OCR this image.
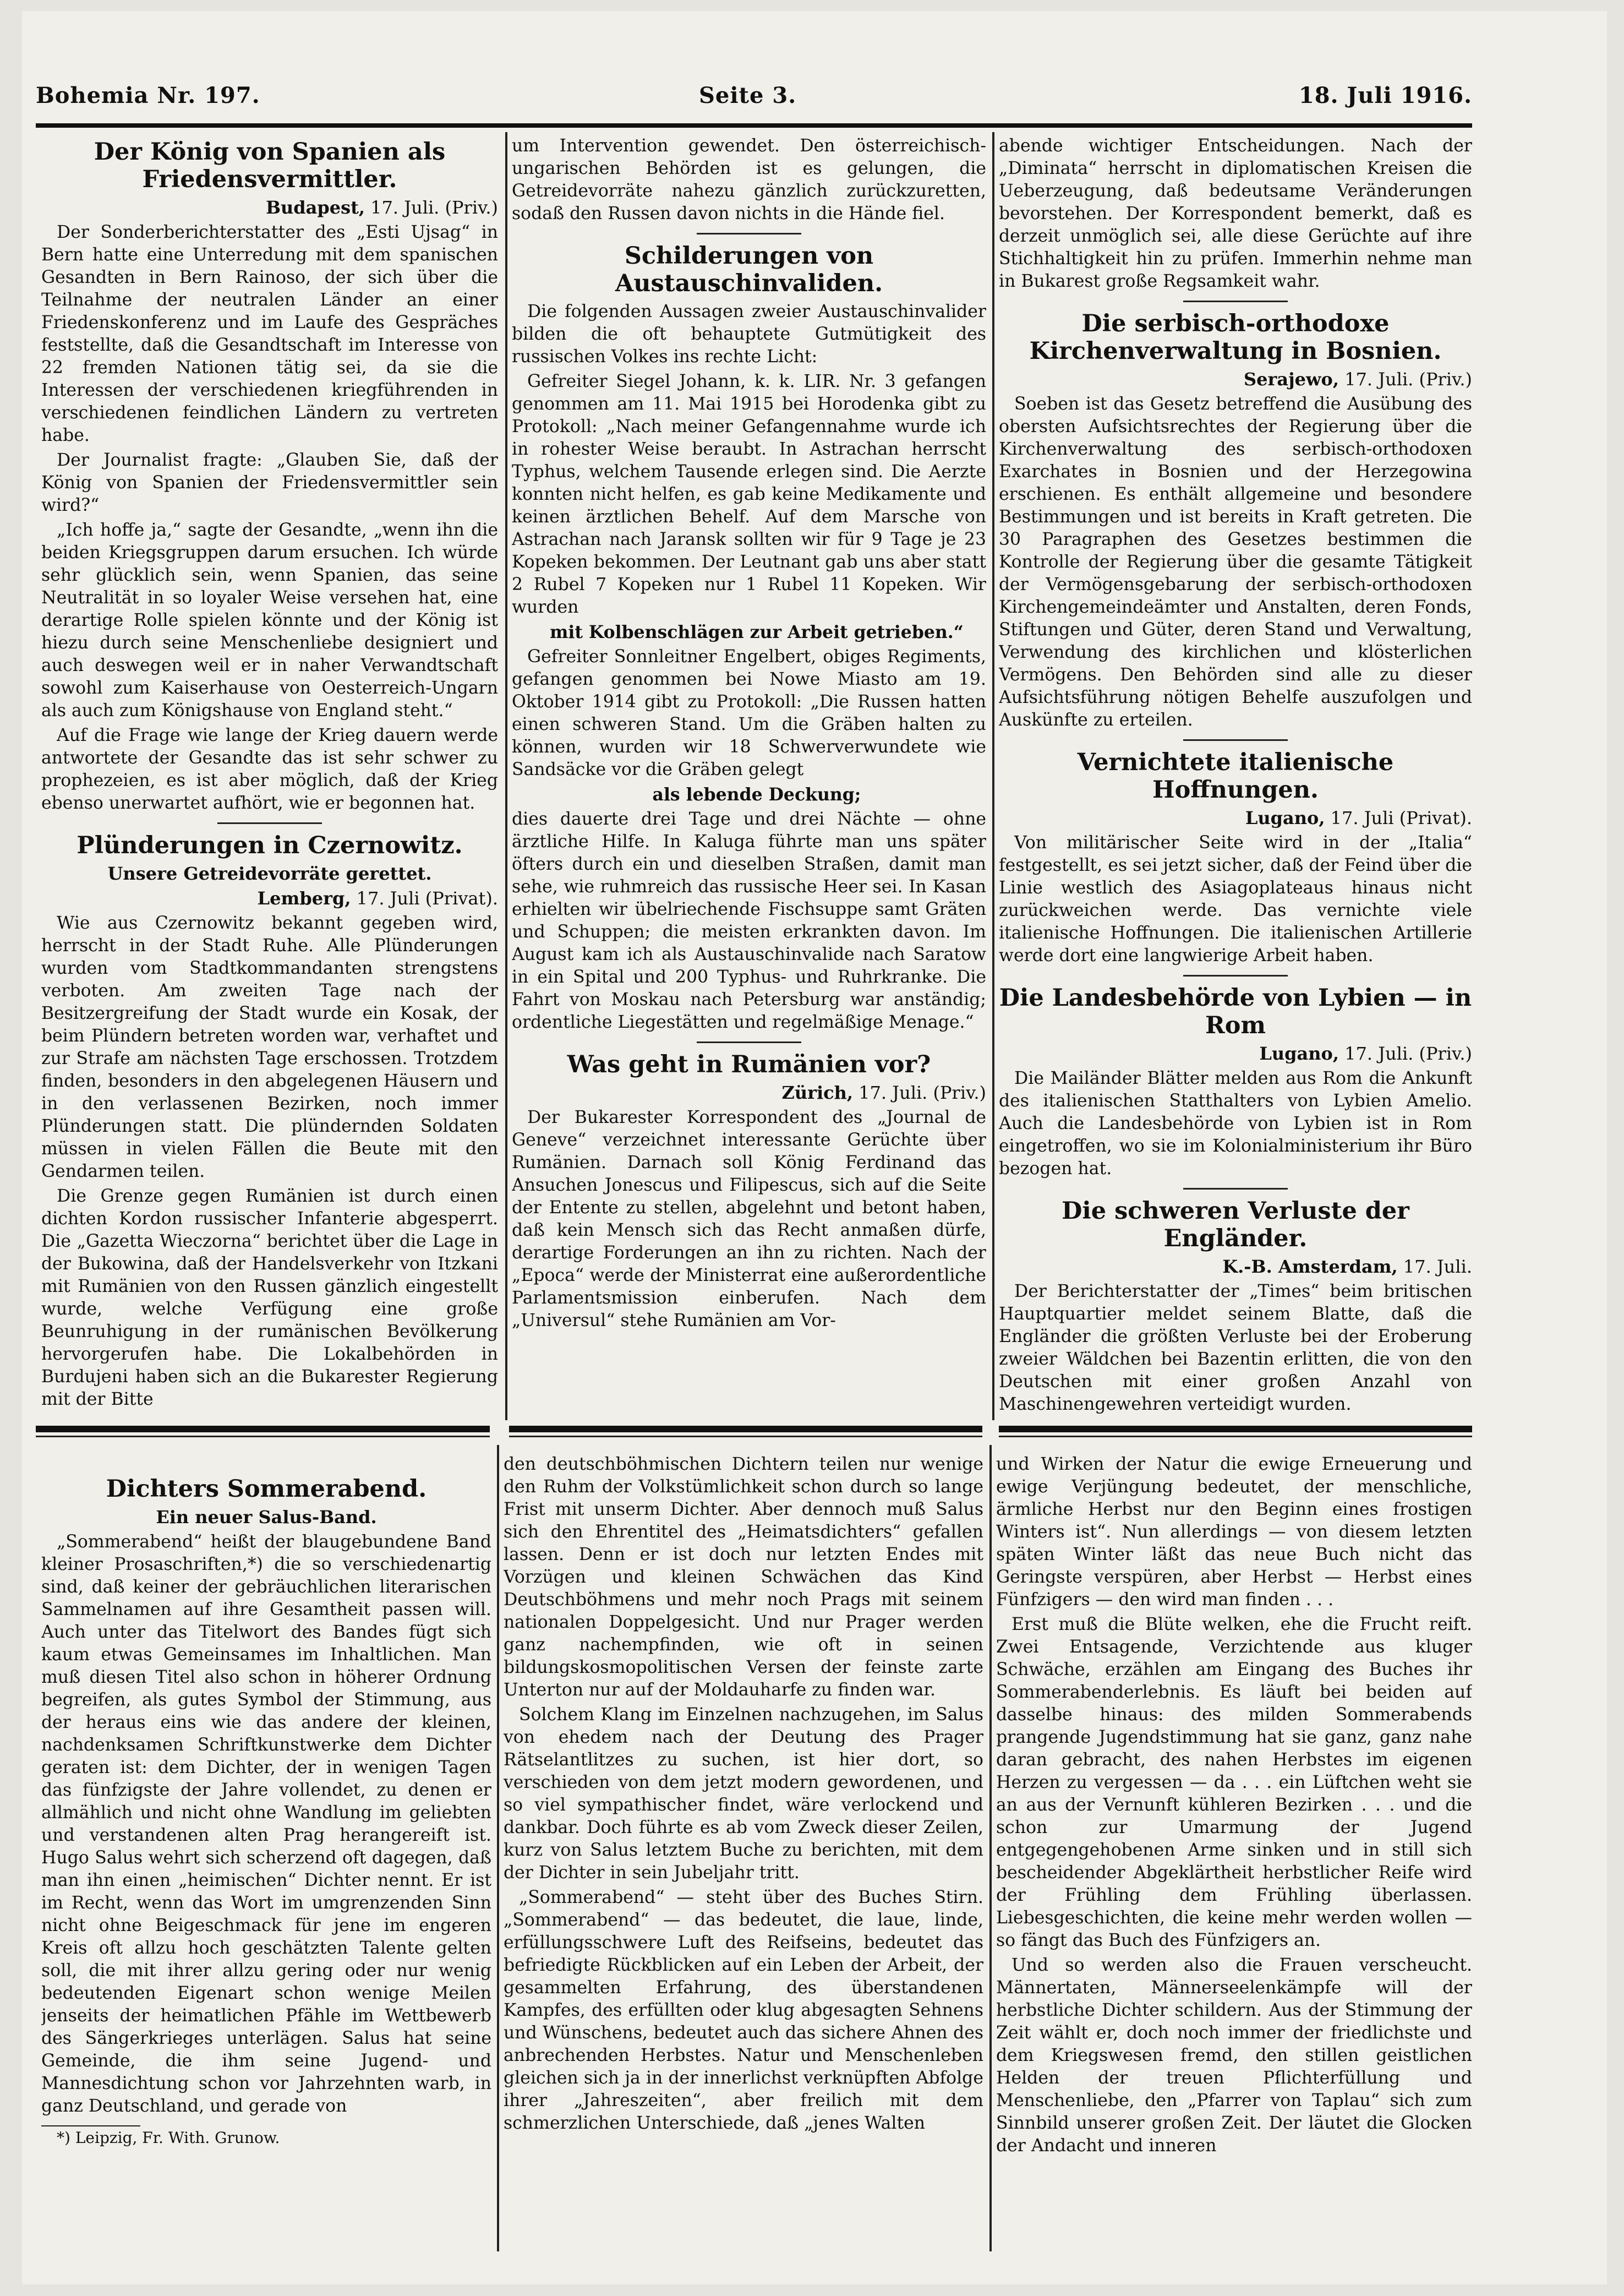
Bohemia Nr. 197.	Seite 3.	18. Juli 1916.
Der König von Spanien als Friedensvermittler.
Budapest, 17. Juli. (Priv.)

Der Sonderberichterstatter des „Esti Ujsag“ in Bern hatte eine Unterredung mit dem spanischen Gesandten in Bern Rainoso, der sich über die Teilnahme der neutralen Länder an einer Friedenskonferenz und im Laufe des Gespräches feststellte, daß die Gesandtschaft im Interesse von 22 fremden Nationen tätig sei, da sie die Interessen der verschiedenen kriegführenden in verschiedenen feindlichen Ländern zu vertreten habe.

Der Journalist fragte: „Glauben Sie, daß der König von Spanien der Friedensvermittler sein wird?“

„Ich hoffe ja,“ sagte der Gesandte, „wenn ihn die beiden Kriegsgruppen darum ersuchen. Ich würde sehr glücklich sein, wenn Spanien, das seine Neutralität in so loyaler Weise versehen hat, eine derartige Rolle spielen könnte und der König ist hiezu durch seine Menschenliebe designiert und auch deswegen weil er in naher Verwandtschaft sowohl zum Kaiserhause von Oesterreich-Ungarn als auch zum Königshause von England steht.“

Auf die Frage wie lange der Krieg dauern werde antwortete der Gesandte das ist sehr schwer zu prophezeien, es ist aber möglich, daß der Krieg ebenso unerwartet aufhört, wie er begonnen hat.

Plünderungen in Czernowitz.
Unsere Getreidevorräte gerettet.
Lemberg, 17. Juli (Privat).

Wie aus Czernowitz bekannt gegeben wird, herrscht in der Stadt Ruhe. Alle Plünderungen wurden vom Stadtkommandanten strengstens verboten. Am zweiten Tage nach der Besitzergreifung der Stadt wurde ein Kosak, der beim Plündern betreten worden war, verhaftet und zur Strafe am nächsten Tage erschossen. Trotzdem finden, besonders in den abgelegenen Häusern und in den verlassenen Bezirken, noch immer Plünderungen statt. Die plündernden Soldaten müssen in vielen Fällen die Beute mit den Gendarmen teilen.

Die Grenze gegen Rumänien ist durch einen dichten Kordon russischer Infanterie abgesperrt. Die „Gazetta Wieczorna“ berichtet über die Lage in der Bukowina, daß der Handelsverkehr von Itzkani mit Rumänien von den Russen gänzlich eingestellt wurde, welche Verfügung eine große Beunruhigung in der rumänischen Bevölkerung hervorgerufen habe. Die Lokalbehörden in Burdujeni haben sich an die Bukarester Regierung mit der Bitte

um Intervention gewendet. Den österreichisch-ungarischen Behörden ist es gelungen, die Getreidevorräte nahezu gänzlich zurückzuretten, sodaß den Russen davon nichts in die Hände fiel.

Schilderungen von Austauschinvaliden.

Die folgenden Aussagen zweier Austauschinvalider bilden die oft behauptete Gutmütigkeit des russischen Volkes ins rechte Licht:

Gefreiter Siegel Johann, k. k. LIR. Nr. 3 gefangen genommen am 11. Mai 1915 bei Horodenka gibt zu Protokoll: „Nach meiner Gefangennahme wurde ich in rohester Weise beraubt. In Astrachan herrscht Typhus, welchem Tausende erlegen sind. Die Aerzte konnten nicht helfen, es gab keine Medikamente und keinen ärztlichen Behelf. Auf dem Marsche von Astrachan nach Jaransk sollten wir für 9 Tage je 23 Kopeken bekommen. Der Leutnant gab uns aber statt 2 Rubel 7 Kopeken nur 1 Rubel 11 Kopeken. Wir wurden

mit Kolbenschlägen zur Arbeit getrieben.“

Gefreiter Sonnleitner Engelbert, obiges Regiments, gefangen genommen bei Nowe Miasto am 19. Oktober 1914 gibt zu Protokoll: „Die Russen hatten einen schweren Stand. Um die Gräben halten zu können, wurden wir 18 Schwerverwundete wie Sandsäcke vor die Gräben gelegt

als lebende Deckung;

dies dauerte drei Tage und drei Nächte — ohne ärztliche Hilfe. In Kaluga führte man uns später öfters durch ein und dieselben Straßen, damit man sehe, wie ruhmreich das russische Heer sei. In Kasan erhielten wir übelriechende Fischsuppe samt Gräten und Schuppen; die meisten erkrankten davon. Im August kam ich als Austauschinvalide nach Saratow in ein Spital und 200 Typhus- und Ruhrkranke. Die Fahrt von Moskau nach Petersburg war anständig; ordentliche Liegestätten und regelmäßige Menage.“

Was geht in Rumänien vor?
Zürich, 17. Juli. (Priv.)

Der Bukarester Korrespondent des „Journal de Geneve“ verzeichnet interessante Gerüchte über Rumänien. Darnach soll König Ferdinand das Ansuchen Jonescus und Filipescus, sich auf die Seite der Entente zu stellen, abgelehnt und betont haben, daß kein Mensch sich das Recht anmaßen dürfe, derartige Forderungen an ihn zu richten. Nach der „Epoca“ werde der Ministerrat eine außerordentliche Parlamentsmission einberufen. Nach dem „Universul“ stehe Rumänien am Vor-

abende wichtiger Entscheidungen. Nach der „Diminata“ herrscht in diplomatischen Kreisen die Ueberzeugung, daß bedeutsame Veränderungen bevorstehen. Der Korrespondent bemerkt, daß es derzeit unmöglich sei, alle diese Gerüchte auf ihre Stichhaltigkeit hin zu prüfen. Immerhin nehme man in Bukarest große Regsamkeit wahr.

Die serbisch-orthodoxe Kirchenverwaltung in Bosnien.
Serajewo, 17. Juli. (Priv.)

Soeben ist das Gesetz betreffend die Ausübung des obersten Aufsichtsrechtes der Regierung über die Kirchenverwaltung des serbisch-orthodoxen Exarchates in Bosnien und der Herzegowina erschienen. Es enthält allgemeine und besondere Bestimmungen und ist bereits in Kraft getreten. Die 30 Paragraphen des Gesetzes bestimmen die Kontrolle der Regierung über die gesamte Tätigkeit der Vermögensgebarung der serbisch-orthodoxen Kirchengemeindeämter und Anstalten, deren Fonds, Stiftungen und Güter, deren Stand und Verwaltung, Verwendung des kirchlichen und klösterlichen Vermögens. Den Behörden sind alle zu dieser Aufsichtsführung nötigen Behelfe auszufolgen und Auskünfte zu erteilen.

Vernichtete italienische Hoffnungen.
Lugano, 17. Juli (Privat).

Von militärischer Seite wird in der „Italia“ festgestellt, es sei jetzt sicher, daß der Feind über die Linie westlich des Asiagoplateaus hinaus nicht zurückweichen werde. Das vernichte viele italienische Hoffnungen. Die italienischen Artillerie werde dort eine langwierige Arbeit haben.

Die Landesbehörde von Lybien — in Rom
Lugano, 17. Juli. (Priv.)

Die Mailänder Blätter melden aus Rom die Ankunft des italienischen Statthalters von Lybien Amelio. Auch die Landesbehörde von Lybien ist in Rom eingetroffen, wo sie im Kolonialministerium ihr Büro bezogen hat.

Die schweren Verluste der Engländer.
K.-B. Amsterdam, 17. Juli.

Der Berichterstatter der „Times“ beim britischen Hauptquartier meldet seinem Blatte, daß die Engländer die größten Verluste bei der Eroberung zweier Wäldchen bei Bazentin erlitten, die von den Deutschen mit einer großen Anzahl von Maschinengewehren verteidigt wurden.

Dichters Sommerabend.
Ein neuer Salus-Band.

„Sommerabend“ heißt der blaugebundene Band kleiner Prosaschriften,*) die so verschiedenartig sind, daß keiner der gebräuchlichen literarischen Sammelnamen auf ihre Gesamtheit passen will. Auch unter das Titelwort des Bandes fügt sich kaum etwas Gemeinsames im Inhaltlichen. Man muß diesen Titel also schon in höherer Ordnung begreifen, als gutes Symbol der Stimmung, aus der heraus eins wie das andere der kleinen, nachdenksamen Schriftkunstwerke dem Dichter geraten ist: dem Dichter, der in wenigen Tagen das fünfzigste der Jahre vollendet, zu denen er allmählich und nicht ohne Wandlung im geliebten und verstandenen alten Prag herangereift ist. Hugo Salus wehrt sich scherzend oft dagegen, daß man ihn einen „heimischen“ Dichter nennt. Er ist im Recht, wenn das Wort im umgrenzenden Sinn nicht ohne Beigeschmack für jene im engeren Kreis oft allzu hoch geschätzten Talente gelten soll, die mit ihrer allzu gering oder nur wenig bedeutenden Eigenart schon wenige Meilen jenseits der heimatlichen Pfähle im Wettbewerb des Sängerkrieges unterlägen. Salus hat seine Gemeinde, die ihm seine Jugend- und Mannesdichtung schon vor Jahrzehnten warb, in ganz Deutschland, und gerade von

*) Leipzig, Fr. With. Grunow.

den deutschböhmischen Dichtern teilen nur wenige den Ruhm der Volkstümlichkeit schon durch so lange Frist mit unserm Dichter. Aber dennoch muß Salus sich den Ehrentitel des „Heimatsdichters“ gefallen lassen. Denn er ist doch nur letzten Endes mit Vorzügen und kleinen Schwächen das Kind Deutschböhmens und mehr noch Prags mit seinem nationalen Doppelgesicht. Und nur Prager werden ganz nachempfinden, wie oft in seinen bildungskosmopolitischen Versen der feinste zarte Unterton nur auf der Moldauharfe zu finden war.

Solchem Klang im Einzelnen nachzugehen, im Salus von ehedem nach der Deutung des Prager Rätselantlitzes zu suchen, ist hier dort, so verschieden von dem jetzt modern gewordenen, und so viel sympathischer findet, wäre verlockend und dankbar. Doch führte es ab vom Zweck dieser Zeilen, kurz von Salus letztem Buche zu berichten, mit dem der Dichter in sein Jubeljahr tritt.

„Sommerabend“ — steht über des Buches Stirn. „Sommerabend“ — das bedeutet, die laue, linde, erfüllungsschwere Luft des Reifseins, bedeutet das befriedigte Rückblicken auf ein Leben der Arbeit, der gesammelten Erfahrung, des überstandenen Kampfes, des erfüllten oder klug abgesagten Sehnens und Wünschens, bedeutet auch das sichere Ahnen des anbrechenden Herbstes. Natur und Menschenleben gleichen sich ja in der innerlichst verknüpften Abfolge ihrer „Jahreszeiten“, aber freilich mit dem schmerzlichen Unterschiede, daß „jenes Walten

und Wirken der Natur die ewige Erneuerung und ewige Verjüngung bedeutet, der menschliche, ärmliche Herbst nur den Beginn eines frostigen Winters ist“. Nun allerdings — von diesem letzten späten Winter läßt das neue Buch nicht das Geringste verspüren, aber Herbst — Herbst eines Fünfzigers — den wird man finden . . .

Erst muß die Blüte welken, ehe die Frucht reift. Zwei Entsagende, Verzichtende aus kluger Schwäche, erzählen am Eingang des Buches ihr Sommerabenderlebnis. Es läuft bei beiden auf dasselbe hinaus: des milden Sommerabends prangende Jugendstimmung hat sie ganz, ganz nahe daran gebracht, des nahen Herbstes im eigenen Herzen zu vergessen — da . . . ein Lüftchen weht sie an aus der Vernunft kühleren Bezirken . . . und die schon zur Umarmung der Jugend entgegengehobenen Arme sinken und in still sich bescheidender Abgeklärtheit herbstlicher Reife wird der Frühling dem Frühling überlassen. Liebesgeschichten, die keine mehr werden wollen — so fängt das Buch des Fünfzigers an.

Und so werden also die Frauen verscheucht. Männertaten, Männerseelenkämpfe will der herbstliche Dichter schildern. Aus der Stimmung der Zeit wählt er, doch noch immer der friedlichste und dem Kriegswesen fremd, den stillen geistlichen Helden der treuen Pflichterfüllung und Menschenliebe, den „Pfarrer von Taplau“ sich zum Sinnbild unserer großen Zeit. Der läutet die Glocken der Andacht und inneren
